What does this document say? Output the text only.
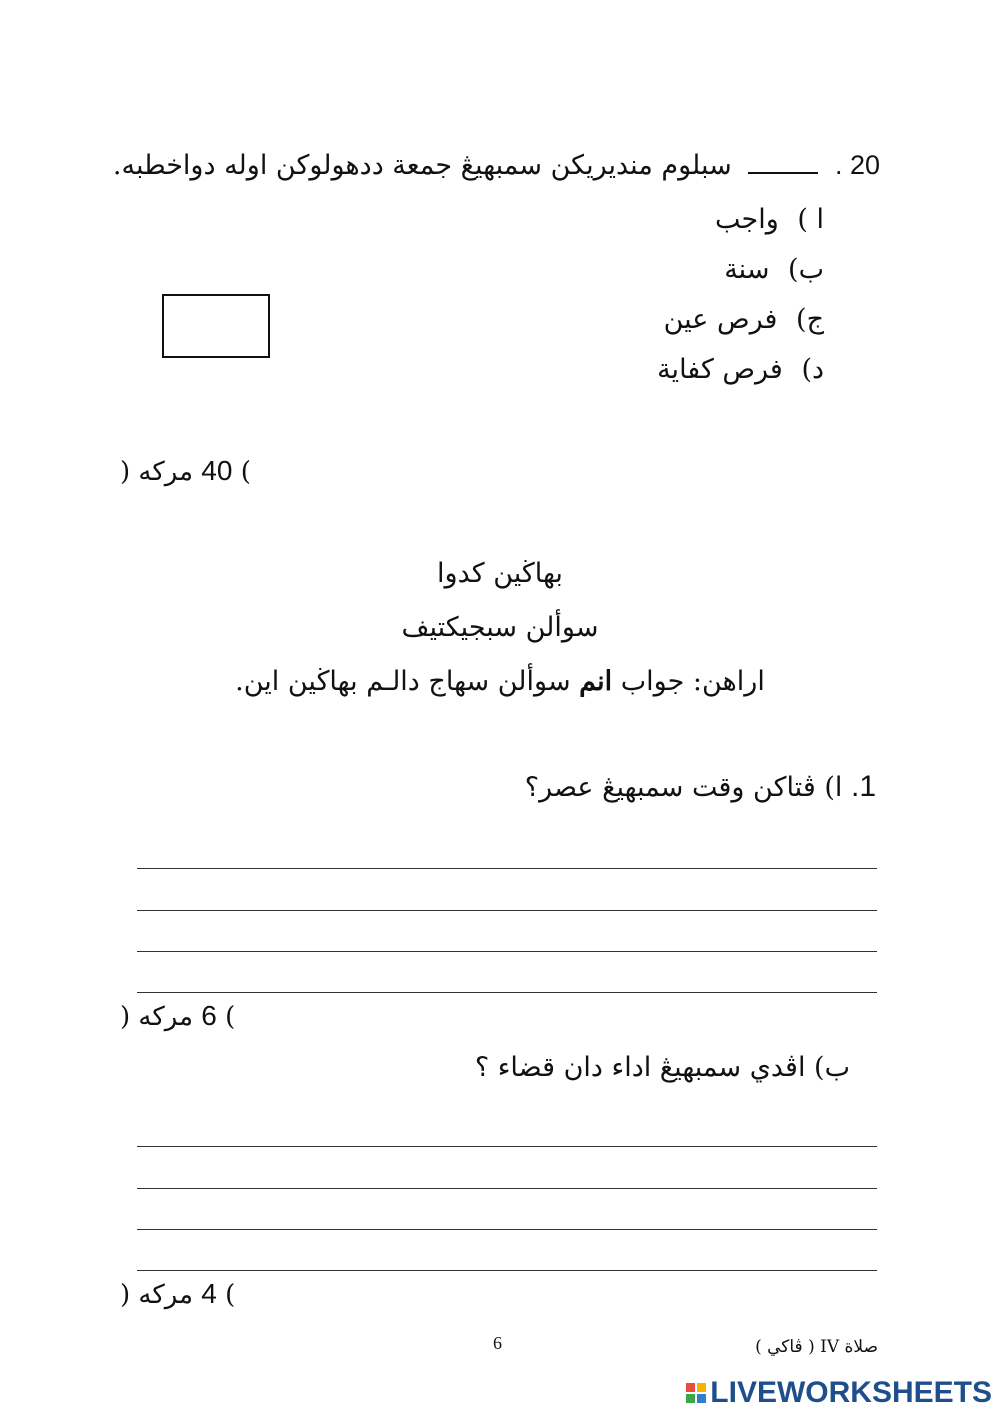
20 .  سبلوم منديريكن سمبهيڠ جمعة ددهولوكن اوله دواخطبه.
ا ) واجب
ب) سنة
ج) فرص عين
د) فرص كفاية
) مركه 40 (
بهاڬين كدوا
سوألن سبجيكتيف
اراهن: جواب انم سوألن سهاج دالـم بهاڬين اين.
1. ا) ڤتاكن وقت سمبهيڠ عصر؟
) مركه 6 (
ب) اڤدي سمبهيڠ اداء دان قضاء ؟
) مركه 4 (
6	صلاة IV ( ڤاكي )
LIVEWORKSHEETS
